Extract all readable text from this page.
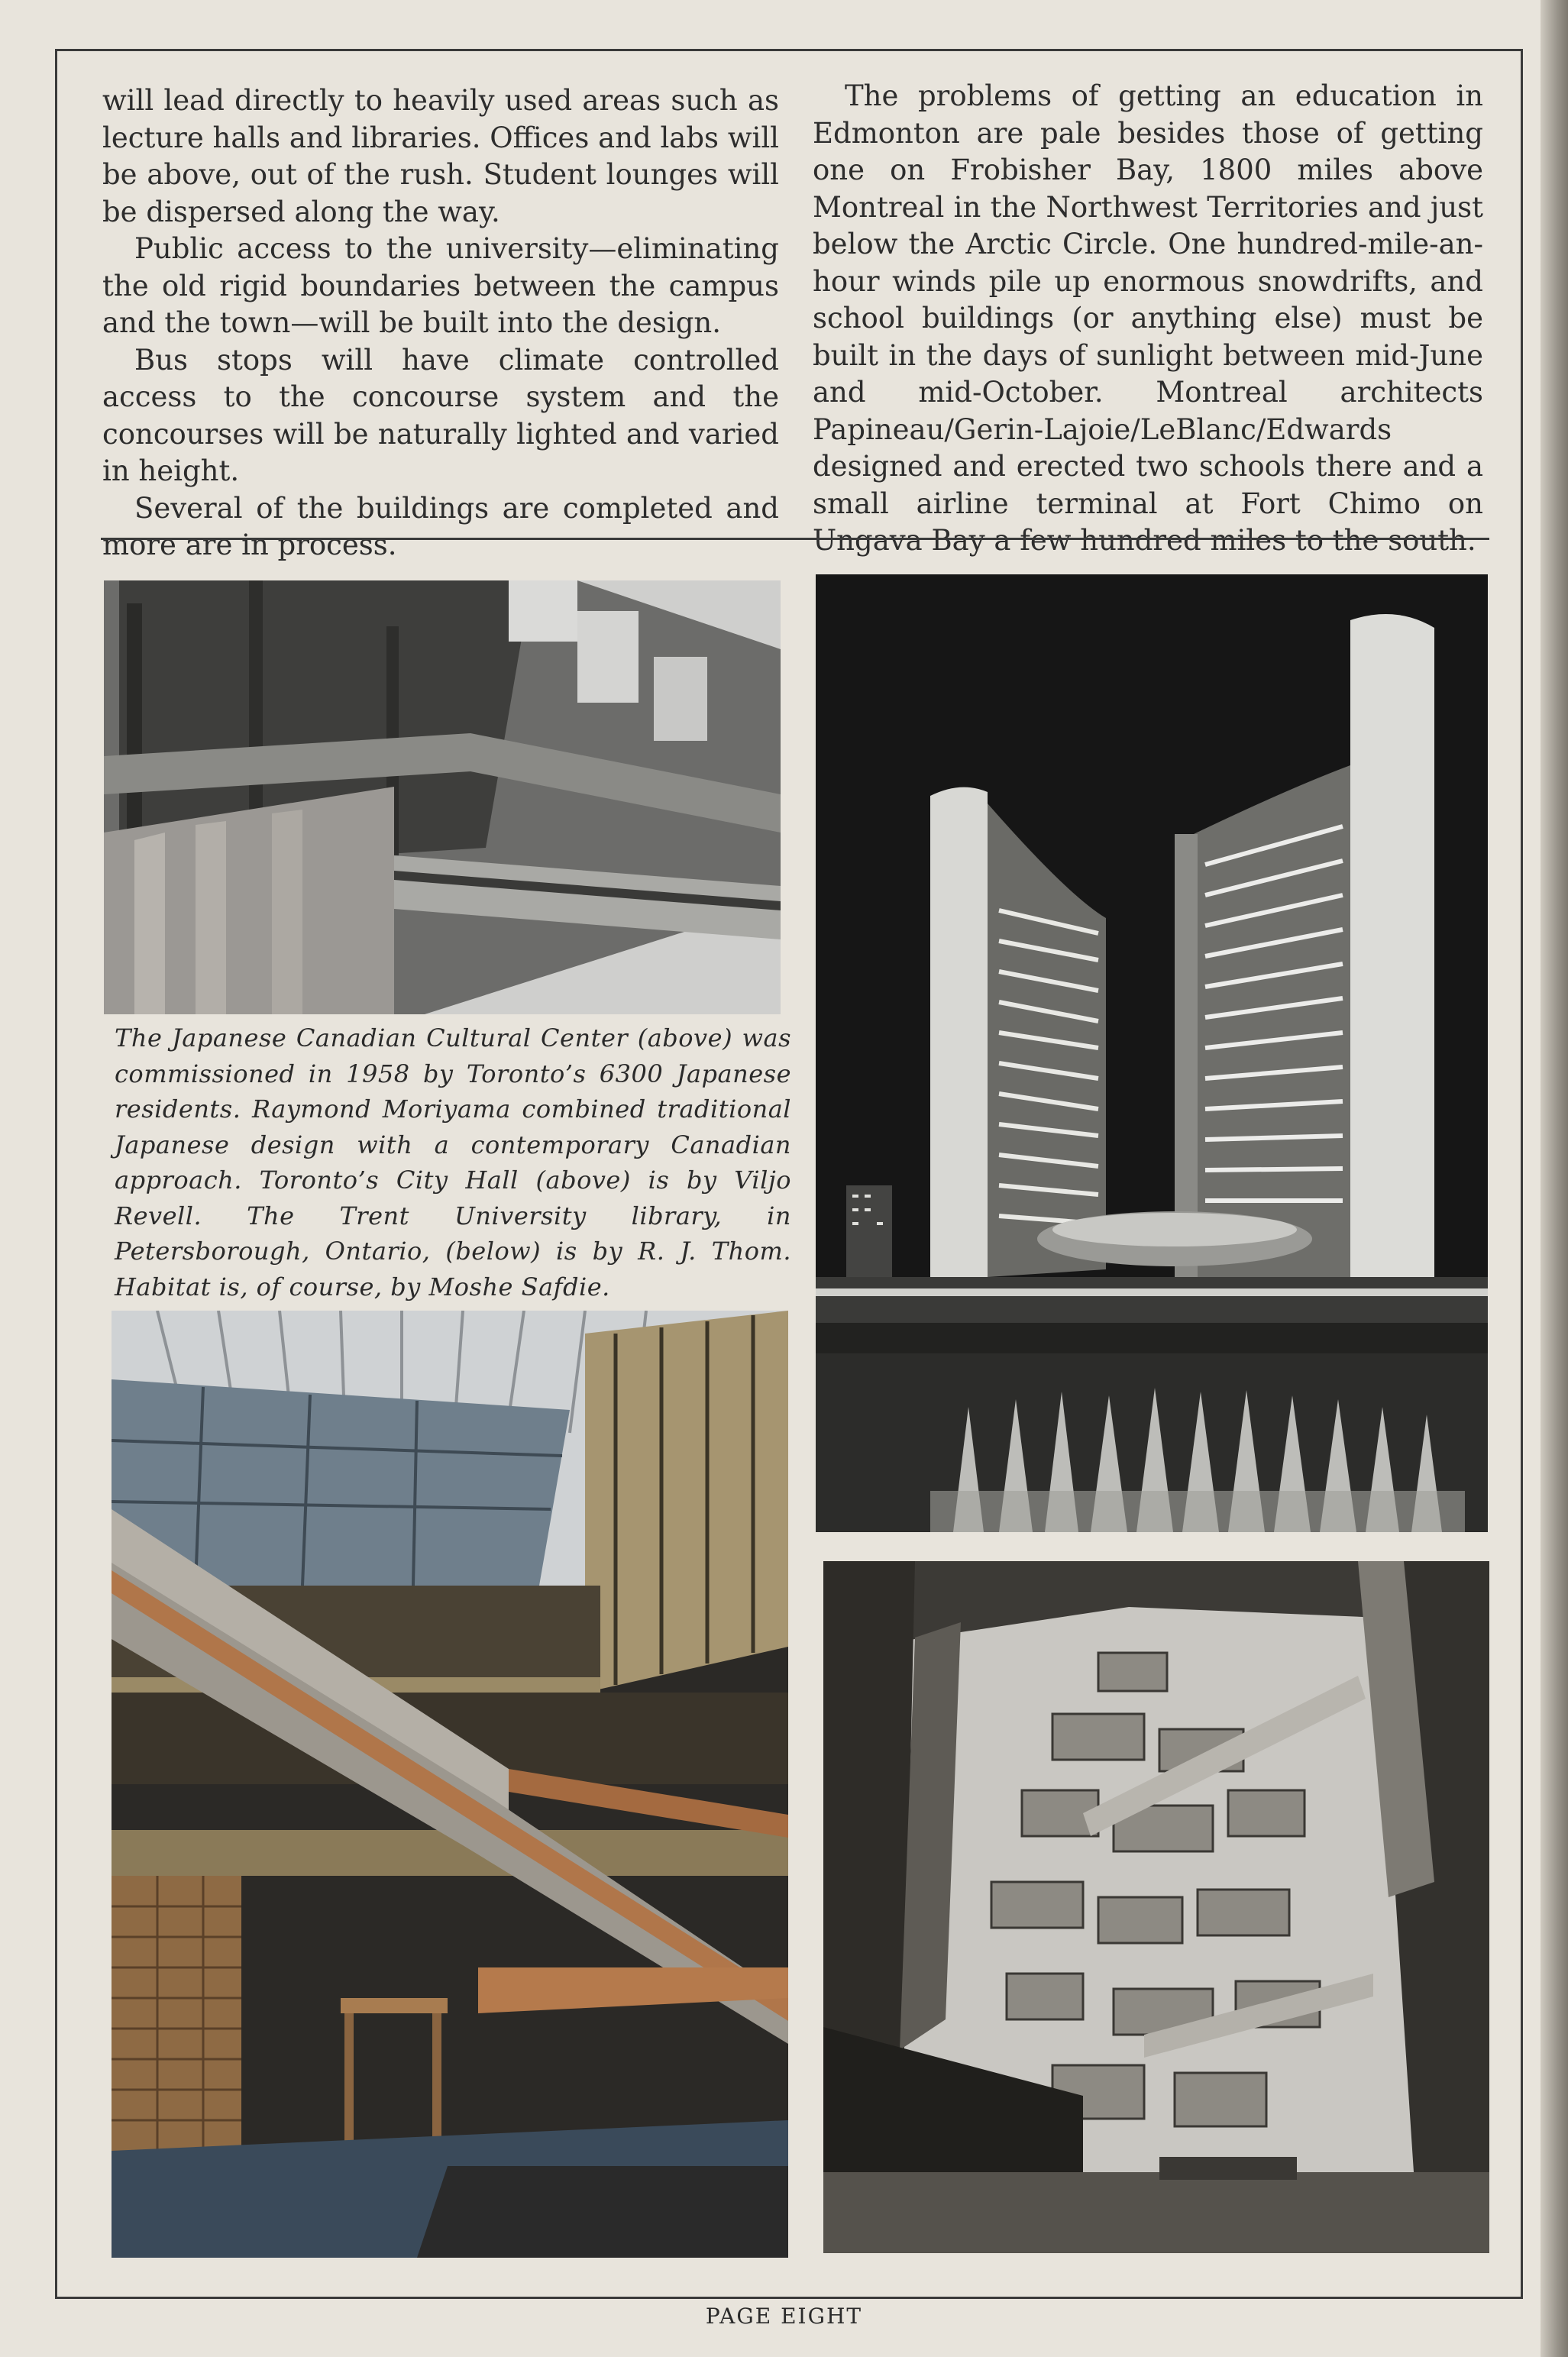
will lead directly to heavily used areas such as lecture halls and libraries. Offices and labs will be above, out of the rush. Student lounges will be dispersed along the way.

Public access to the university—eliminating the old rigid boundaries between the campus and the town—will be built into the design.

Bus stops will have climate controlled access to the concourse system and the concourses will be naturally lighted and varied in height.

Several of the buildings are completed and more are in process.

The problems of getting an education in Edmonton are pale besides those of getting one on Frobisher Bay, 1800 miles above Montreal in the Northwest Territories and just below the Arctic Circle. One hundred-mile-an-hour winds pile up enormous snowdrifts, and school buildings (or anything else) must be built in the days of sunlight between mid-June and mid-October. Montreal architects Papineau/Gerin-Lajoie/LeBlanc/Edwards designed and erected two schools there and a small airline terminal at Fort Chimo on Ungava Bay a few hundred miles to the south.

The Japanese Canadian Cultural Center (above) was commissioned in 1958 by Toronto’s 6300 Japanese residents. Raymond Moriyama combined traditional Japanese design with a contemporary Canadian approach. Toronto’s City Hall (above) is by Viljo Revell. The Trent University library, in Petersborough, Ontario, (below) is by R. J. Thom. Habitat is, of course, by Moshe Safdie.
PAGE EIGHT
